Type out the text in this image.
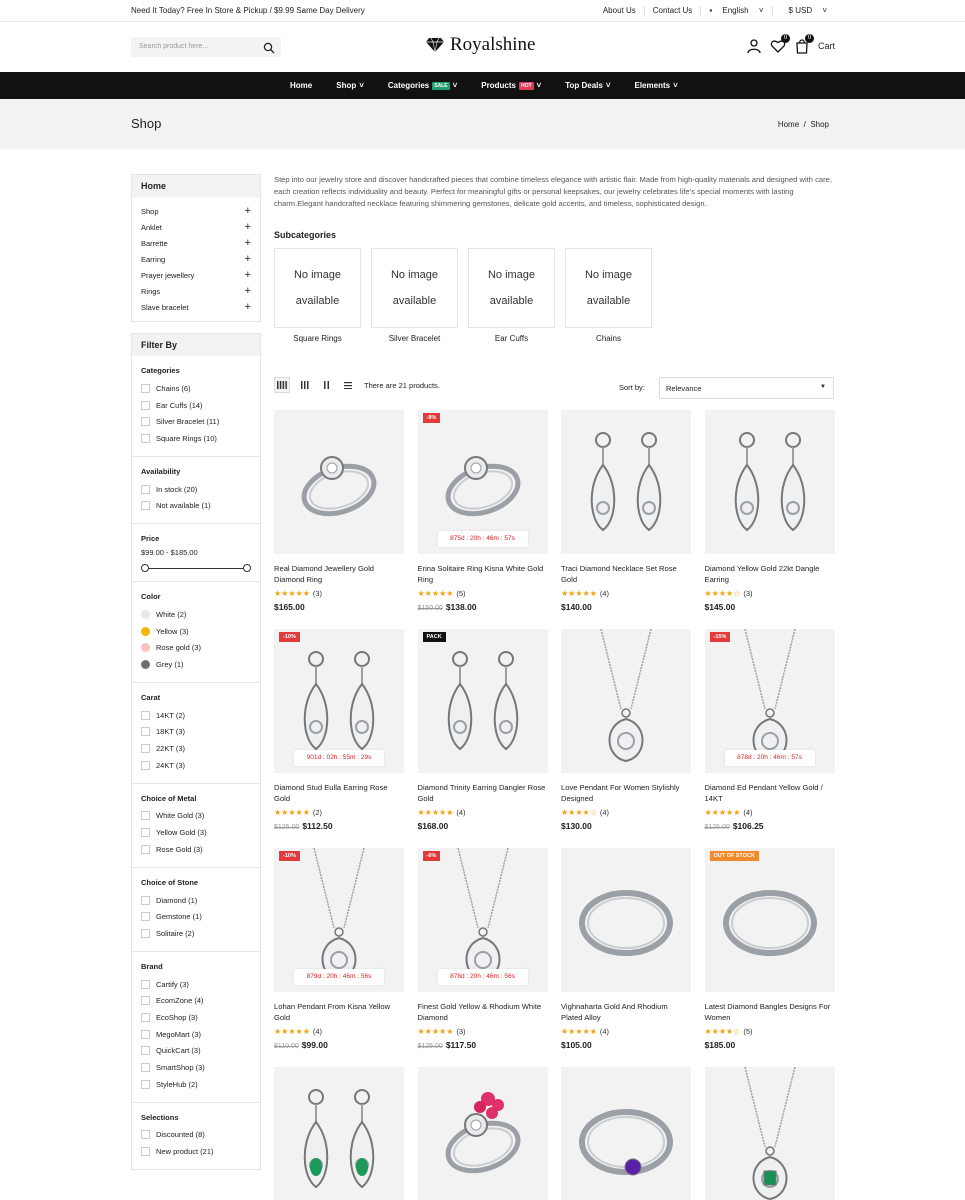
Need It Today? Free In Store & Pickup / $9.99 Same Day Delivery	About Us	Contact Us	▪ English ˅	$ USD ˅
Search product here...	Royalshine	0	0
Cart
Home	Shop ˅	Categories	SALE ˅	Products	HOT ˅	Top Deals ˅	Elements ˅
Shop	Home / Shop
Home
Shop	+
Anklet	+
Barrette	+
Earring	+
Prayer jewellery	+
Rings	+
Slave bracelet	+
Filter By
Categories
Chains (6)
Ear Cuffs (14)
Silver Bracelet (11)
Square Rings (10)
Availability
In stock (20)
Not available (1)
Price
$99.00 - $185.00
Color
White (2)
Yellow (3)
Rose gold (3)
Grey (1)
Carat
14KT (2)
18KT (3)
22KT (3)
24KT (3)
Choice of Metal
White Gold (3)
Yellow Gold (3)
Rose Gold (3)
Choice of Stone
Diamond (1)
Gemstone (1)
Solitaire (2)
Brand
Cartify (3)
EcomZone (4)
EcoShop (3)
MegoMart (3)
QuickCart (3)
SmartShop (3)
StyleHub (2)
Selections
Discounted (8)
New product (21)

Step into our jewelry store and discover handcrafted pieces that combine timeless elegance with artistic flair. Made from high-quality materials and designed with care, each creation reflects individuality and beauty. Perfect for meaningful gifts or personal keepsakes, our jewelry celebrates life's special moments with lasting charm.Elegant handcrafted necklace featuring shimmering gemstones, delicate gold accents, and timeless, sophisticated design.

Subcategories
No image

available
Square Rings
No image

available
Silver Bracelet
No image

available
Ear Cuffs
No image

available
Chains
There are 21 products.	Sort by:	Relevance	▼
Real Diamond Jewellery Gold Diamond Ring
★★★★★ (3)
$165.00
-8%
875d : 20h : 46m : 57s
Erina Solitaire Ring Kisna White Gold Ring
★★★★★ (5)
$150.00 $138.00
Traci Diamond Necklace Set Rose Gold
★★★★★ (4)
$140.00
Diamond Yellow Gold 22kt Dangle Earring
★★★★☆ (3)
$145.00
-10%
901d : 02h : 55m : 29s
Diamond Stud Eulla Earring Rose Gold
★★★★★ (2)
$125.00 $112.50
PACK
Diamond Trinity Earring Dangler Rose Gold
★★★★★ (4)
$168.00
Love Pendant For Women Stylishly Designed
★★★★☆ (4)
$130.00
-15%
878d : 20h : 46m : 57s
Diamond Ed Pendant Yellow Gold / 14KT
★★★★★ (4)
$125.00 $106.25
-10%
879d : 20h : 46m : 56s
Lohan Pendant From Kisna Yellow Gold
★★★★★ (4)
$110.00 $99.00
-6%
878d : 20h : 46m : 56s
Finest Gold Yellow & Rhodium White Diamond
★★★★★ (3)
$125.00 $117.50
Vighnaharta Gold And Rhodium Plated Alloy
★★★★★ (4)
$105.00
OUT OF STOCK
Latest Diamond Bangles Designs For Women
★★★★☆ (5)
$185.00
